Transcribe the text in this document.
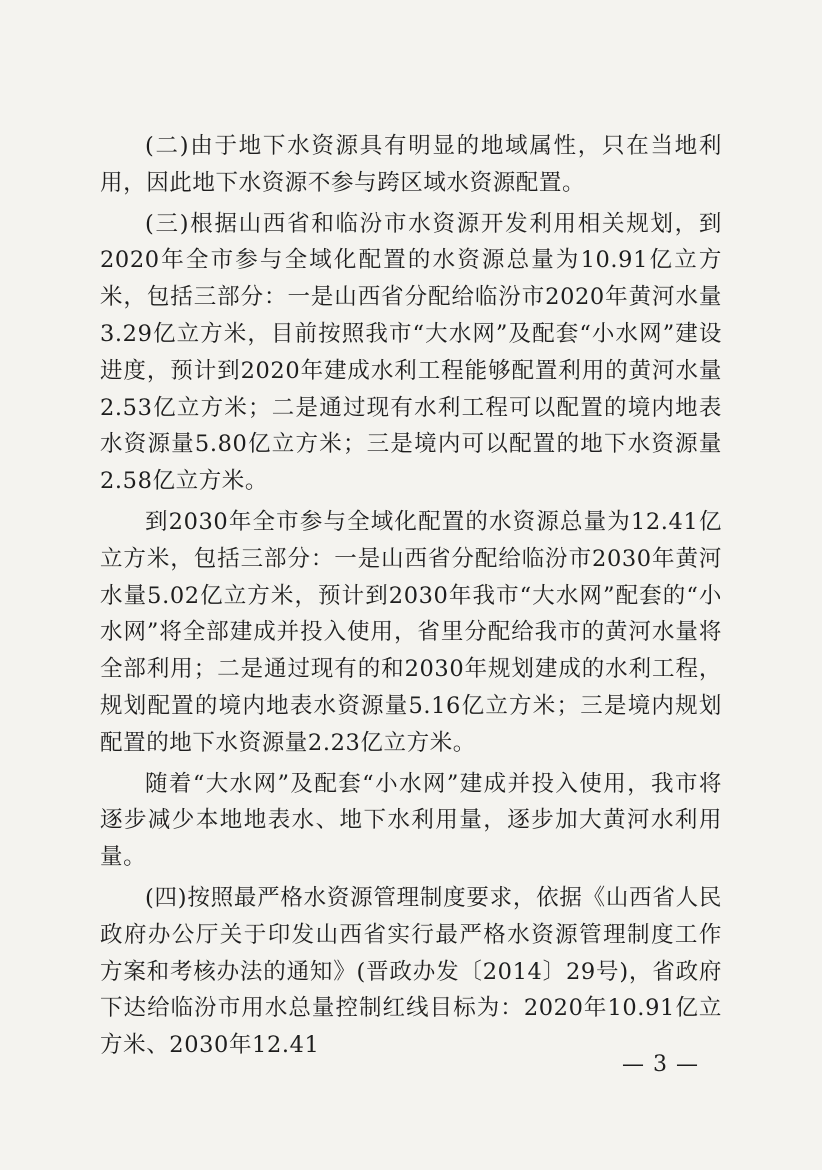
(二)由于地下水资源具有明显的地域属性，只在当地利用，因此地下水资源不参与跨区域水资源配置。

(三)根据山西省和临汾市水资源开发利用相关规划，到2020年全市参与全域化配置的水资源总量为10.91亿立方米，包括三部分：一是山西省分配给临汾市2020年黄河水量3.29亿立方米，目前按照我市“大水网”及配套“小水网”建设进度，预计到2020年建成水利工程能够配置利用的黄河水量2.53亿立方米；二是通过现有水利工程可以配置的境内地表水资源量5.80亿立方米；三是境内可以配置的地下水资源量2.58亿立方米。

到2030年全市参与全域化配置的水资源总量为12.41亿立方米，包括三部分：一是山西省分配给临汾市2030年黄河水量5.02亿立方米，预计到2030年我市“大水网”配套的“小水网”将全部建成并投入使用，省里分配给我市的黄河水量将全部利用；二是通过现有的和2030年规划建成的水利工程，规划配置的境内地表水资源量5.16亿立方米；三是境内规划配置的地下水资源量2.23亿立方米。

随着“大水网”及配套“小水网”建成并投入使用，我市将逐步减少本地地表水、地下水利用量，逐步加大黄河水利用量。

(四)按照最严格水资源管理制度要求，依据《山西省人民政府办公厅关于印发山西省实行最严格水资源管理制度工作方案和考核办法的通知》(晋政办发〔2014〕29号)，省政府下达给临汾市用水总量控制红线目标为：2020年10.91亿立方米、2030年12.41

— 3 —
